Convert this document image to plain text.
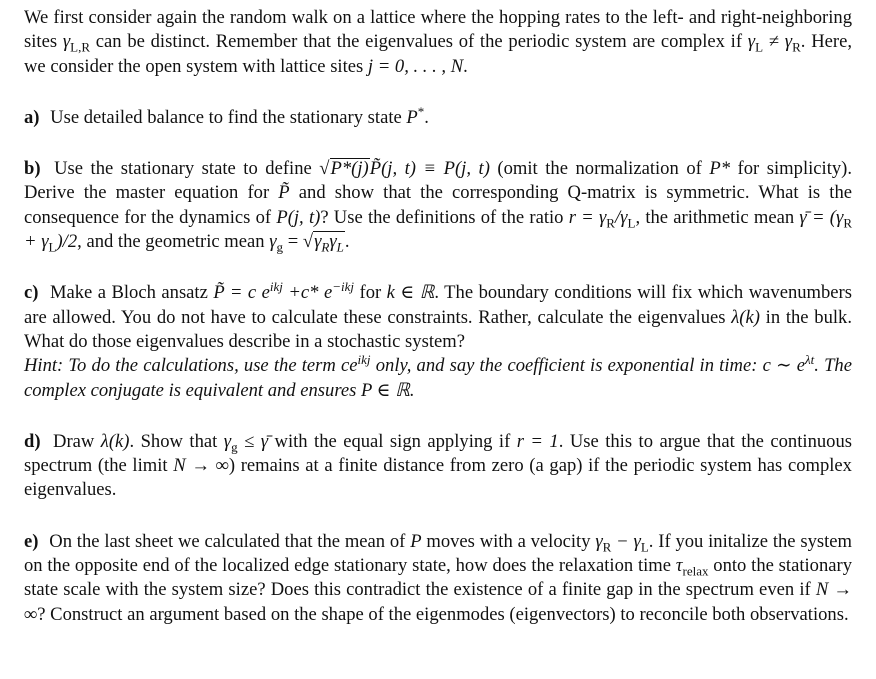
We first consider again the random walk on a lattice where the hopping rates to the left- and right-neighboring sites $\gamma_{L,R}$ can be distinct. Remember that the eigenvalues of the periodic system are complex if $\gamma_L \ne \gamma_R$. Here, we consider the open system with lattice sites j = 0, . . . , N.

a) Use detailed balance to find the stationary state P*.

b) Use the stationary state to define √P*(j)P̃(j, t) ≡ P(j, t) (omit the normalization of P* for simplicity). Derive the master equation for P̃ and show that the corresponding Q-matrix is symmetric. What is the consequence for the dynamics of P(j, t)? Use the definitions of the ratio $r = \gamma_R/\gamma_L$, the arithmetic mean γ̄ = $(\gamma_R + \gamma_L)/2$, and the geometric mean $\gamma_g = √\gamma_R\gamma_L$.

c) Make a Bloch ansatz P̃ = c $e^{ikj} +c*$ $e^{-ikj}$ for k ∈ ℝ. The boundary conditions will fix which wavenumbers are allowed. You do not have to calculate these constraints. Rather, calculate the eigenvalues λ(k) in the bulk. What do those eigenvalues describe in a stochastic system?
Hint: To do the calculations, use the term $ce^{ikj}$ only, and say the coefficient is exponential in time: c ∼ $e^{\lambda t}$. The complex conjugate is equivalent and ensures P ∈ ℝ.

d) Draw λ(k). Show that $\gamma_g$ ≤ γ̄ with the equal sign applying if r = 1. Use this to argue that the continuous spectrum (the limit N → ∞) remains at a finite distance from zero (a gap) if the periodic system has complex eigenvalues.

e) On the last sheet we calculated that the mean of P moves with a velocity $\gamma_R - \gamma_L$. If you initalize the system on the opposite end of the localized edge stationary state, how does the relaxation time $\tau_{relax}$ onto the stationary state scale with the system size? Does this contradict the existence of a finite gap in the spectrum even if N → ∞? Construct an argument based on the shape of the eigenmodes (eigenvectors) to reconcile both observations.
